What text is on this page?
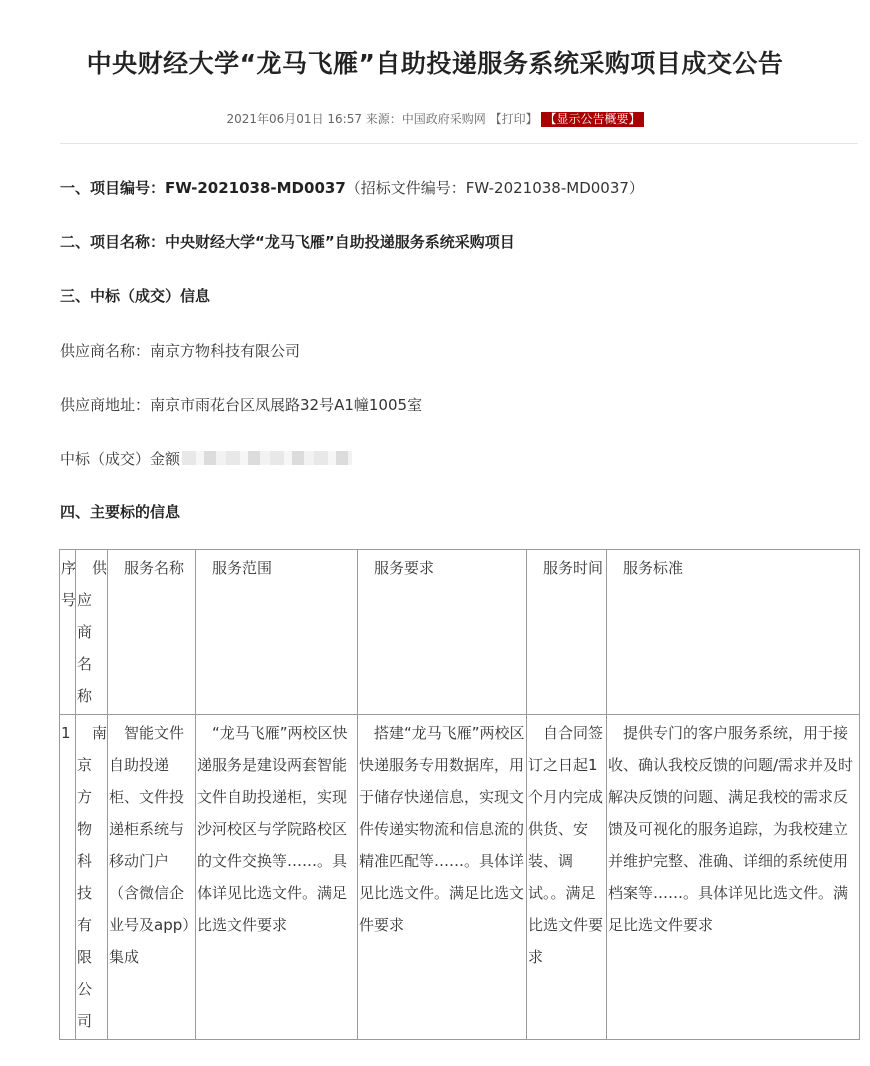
中央财经大学“龙马飞雁”自助投递服务系统采购项目成交公告
2021年06月01日 16:57 来源：中国政府采购网 【打印】 【显示公告概要】
一、项目编号：FW-2021038-MD0037（招标文件编号：FW-2021038-MD0037）
二、项目名称：中央财经大学“龙马飞雁”自助投递服务系统采购项目
三、中标（成交）信息
供应商名称：南京方物科技有限公司
供应商地址：南京市雨花台区凤展路32号A1幢1005室
中标（成交）金额
四、主要标的信息
序号	供应商名称	服务名称	服务范围	服务要求	服务时间	服务标准
1	南京方物科技有限公司	智能文件自助投递柜、文件投递柜系统与移动门户（含微信企业号及app）集成	“龙马飞雁”两校区快递服务是建设两套智能文件自助投递柜，实现沙河校区与学院路校区的文件交换等……。具体详见比选文件。满足比选文件要求	搭建“龙马飞雁”两校区快递服务专用数据库，用于储存快递信息，实现文件传递实物流和信息流的精准匹配等……。具体详见比选文件。满足比选文件要求	自合同签订之日起1个月内完成供货、安装、调试。。满足比选文件要求	提供专门的客户服务系统，用于接收、确认我校反馈的问题/需求并及时解决反馈的问题、满足我校的需求反馈及可视化的服务追踪，为我校建立并维护完整、准确、详细的系统使用档案等……。具体详见比选文件。满足比选文件要求
